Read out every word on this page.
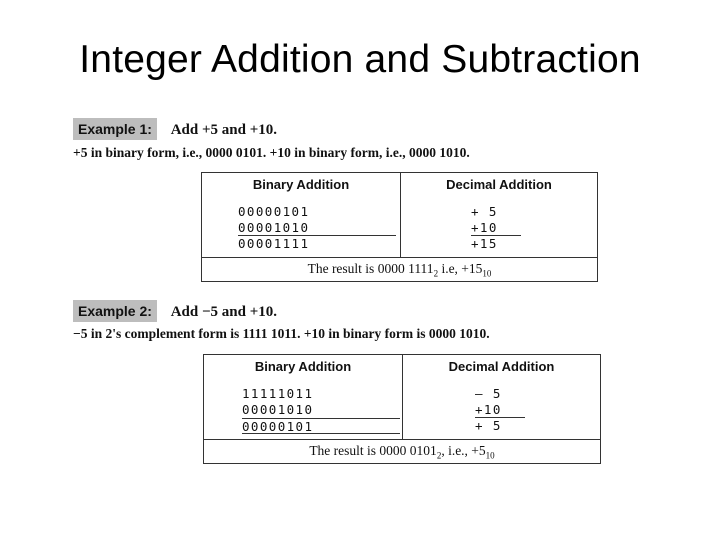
Integer Addition and Subtraction
Example 1: Add +5 and +10.
+5 in binary form, i.e., 0000 0101. +10 in binary form, i.e., 0000 1010.
Binary Addition
00000101
00001010
00001111
Decimal Addition
+ 5
+10
+15
The result is 0000 $1111_2$ i.e, $+15_{10}$
Example 2: Add −5 and +10.
−5 in 2's complement form is 1111 1011. +10 in binary form is 0000 1010.
Binary Addition
11111011
00001010
00000101
Decimal Addition
– 5
+10
+ 5
The result is 0000 $0101_2$, i.e., $+5_{10}$
